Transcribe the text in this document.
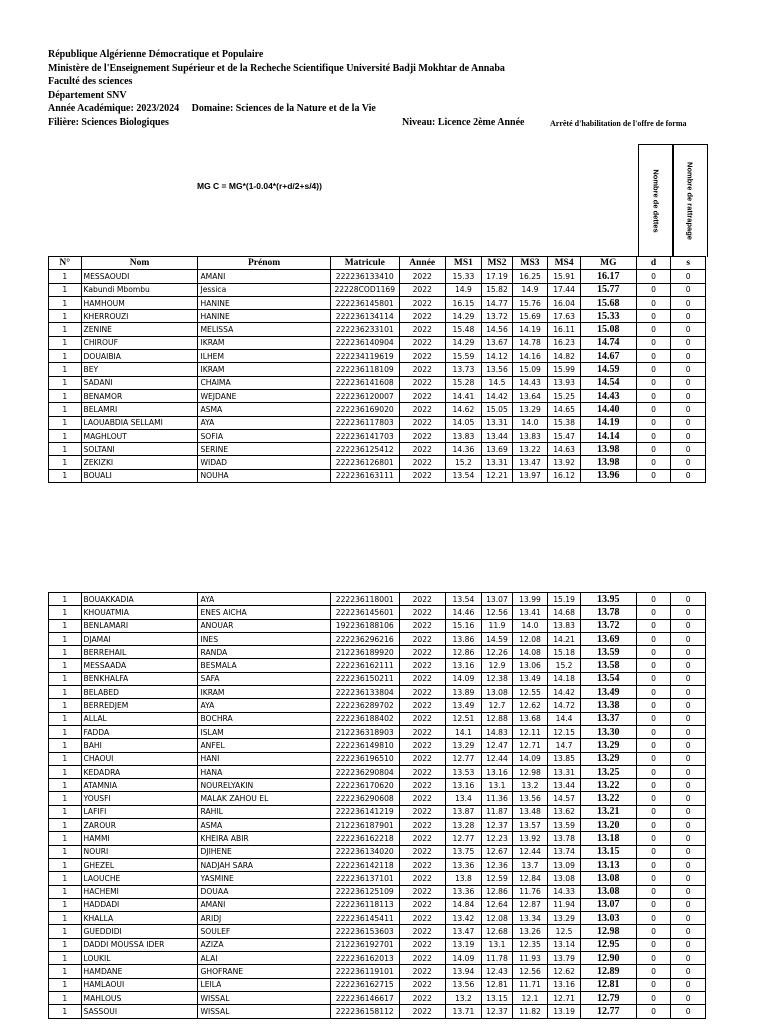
République Algérienne Démocratique et Populaire
Ministère de l'Enseignement Supérieur et de la Recheche Scientifique Université Badji Mokhtar de Annaba
Faculté des sciences
Département SNV
Année Académique: 2023/2024 Domaine: Sciences de la Nature et de la Vie
Filière: Sciences Biologiques	Niveau: Licence 2ème Année	Arrêté d'habilitation de l'offre de forma
MG C = MG*(1-0.04*(r+d/2+s/4))	Nombre de dettes	Nombre de rattrapage
N°	Nom	Prénom	Matricule	Année	MS1	MS2	MS3	MS4	MG	d	s
1	MESSAOUDI	AMANI	222236133410	2022	15.33	17.19	16.25	15.91	16.17	0	0
1	Kabundi Mbombu	Jessica	22228COD1169	2022	14.9	15.82	14.9	17.44	15.77	0	0
1	HAMHOUM	HANINE	222236145801	2022	16.15	14.77	15.76	16.04	15.68	0	0
1	KHERROUZI	HANINE	222236134114	2022	14.29	13.72	15.69	17.63	15.33	0	0
1	ZENINE	MELISSA	222236233101	2022	15.48	14.56	14.19	16.11	15.08	0	0
1	CHIROUF	IKRAM	222236140904	2022	14.29	13.67	14.78	16.23	14.74	0	0
1	DOUAIBIA	ILHEM	222234119619	2022	15.59	14.12	14.16	14.82	14.67	0	0
1	BEY	IKRAM	222236118109	2022	13.73	13.56	15.09	15.99	14.59	0	0
1	SADANI	CHAIMA	222236141608	2022	15.28	14.5	14.43	13.93	14.54	0	0
1	BENAMOR	WEJDANE	222236120007	2022	14.41	14.42	13.64	15.25	14.43	0	0
1	BELAMRI	ASMA	222236169020	2022	14.62	15.05	13.29	14.65	14.40	0	0
1	LAOUABDIA SELLAMI	AYA	222236117803	2022	14.05	13.31	14.0	15.38	14.19	0	0
1	MAGHLOUT	SOFIA	222236141703	2022	13.83	13.44	13.83	15.47	14.14	0	0
1	SOLTANI	SERINE	222236125412	2022	14.36	13.69	13.22	14.63	13.98	0	0
1	ZEKIZKI	WIDAD	222236126801	2022	15.2	13.31	13.47	13.92	13.98	0	0
1	BOUALI	NOUHA	222236163111	2022	13.54	12.21	13.97	16.12	13.96	0	0
1	BOUAKKADIA	AYA	222236118001	2022	13.54	13.07	13.99	15.19	13.95	0	0
1	KHOUATMIA	ENES AICHA	222236145601	2022	14.46	12.56	13.41	14.68	13.78	0	0
1	BENLAMARI	ANOUAR	192236188106	2022	15.16	11.9	14.0	13.83	13.72	0	0
1	DJAMAI	INES	222236296216	2022	13.86	14.59	12.08	14.21	13.69	0	0
1	BERREHAIL	RANDA	212236189920	2022	12.86	12.26	14.08	15.18	13.59	0	0
1	MESSAADA	BESMALA	222236162111	2022	13.16	12.9	13.06	15.2	13.58	0	0
1	BENKHALFA	SAFA	222236150211	2022	14.09	12.38	13.49	14.18	13.54	0	0
1	BELABED	IKRAM	222236133804	2022	13.89	13.08	12.55	14.42	13.49	0	0
1	BERREDJEM	AYA	222236289702	2022	13.49	12.7	12.62	14.72	13.38	0	0
1	ALLAL	BOCHRA	222236188402	2022	12.51	12.88	13.68	14.4	13.37	0	0
1	FADDA	ISLAM	212236318903	2022	14.1	14.83	12.11	12.15	13.30	0	0
1	BAHI	ANFEL	222236149810	2022	13.29	12.47	12.71	14.7	13.29	0	0
1	CHAOUI	HANI	222236196510	2022	12.77	12.44	14.09	13.85	13.29	0	0
1	KEDADRA	HANA	222236290804	2022	13.53	13.16	12.98	13.31	13.25	0	0
1	ATAMNIA	NOURELYAKIN	222236170620	2022	13.16	13.1	13.2	13.44	13.22	0	0
1	YOUSFI	MALAK ZAHOU EL	222236290608	2022	13.4	11.36	13.56	14.57	13.22	0	0
1	LAFIFI	RAHIL	222236141219	2022	13.87	11.87	13.48	13.62	13.21	0	0
1	ZAROUR	ASMA	212236187901	2022	13.28	12.37	13.57	13.59	13.20	0	0
1	HAMMI	KHEIRA ABIR	222236162218	2022	12.77	12.23	13.92	13.78	13.18	0	0
1	NOURI	DJIHENE	222236134020	2022	13.75	12.67	12.44	13.74	13.15	0	0
1	GHEZEL	NADJAH SARA	222236142118	2022	13.36	12.36	13.7	13.09	13.13	0	0
1	LAOUCHE	YASMINE	222236137101	2022	13.8	12.59	12.84	13.08	13.08	0	0
1	HACHEMI	DOUAA	222236125109	2022	13.36	12.86	11.76	14.33	13.08	0	0
1	HADDADI	AMANI	222236118113	2022	14.84	12.64	12.87	11.94	13.07	0	0
1	KHALLA	ARIDJ	222236145411	2022	13.42	12.08	13.34	13.29	13.03	0	0
1	GUEDDIDI	SOULEF	222236153603	2022	13.47	12.68	13.26	12.5	12.98	0	0
1	DADDI MOUSSA IDER	AZIZA	212236192701	2022	13.19	13.1	12.35	13.14	12.95	0	0
1	LOUKIL	ALAI	222236162013	2022	14.09	11.78	11.93	13.79	12.90	0	0
1	HAMDANE	GHOFRANE	222236119101	2022	13.94	12.43	12.56	12.62	12.89	0	0
1	HAMLAOUI	LEILA	222236162715	2022	13.56	12.81	11.71	13.16	12.81	0	0
1	MAHLOUS	WISSAL	222236146617	2022	13.2	13.15	12.1	12.71	12.79	0	0
1	SASSOUI	WISSAL	222236158112	2022	13.71	12.37	11.82	13.19	12.77	0	0
